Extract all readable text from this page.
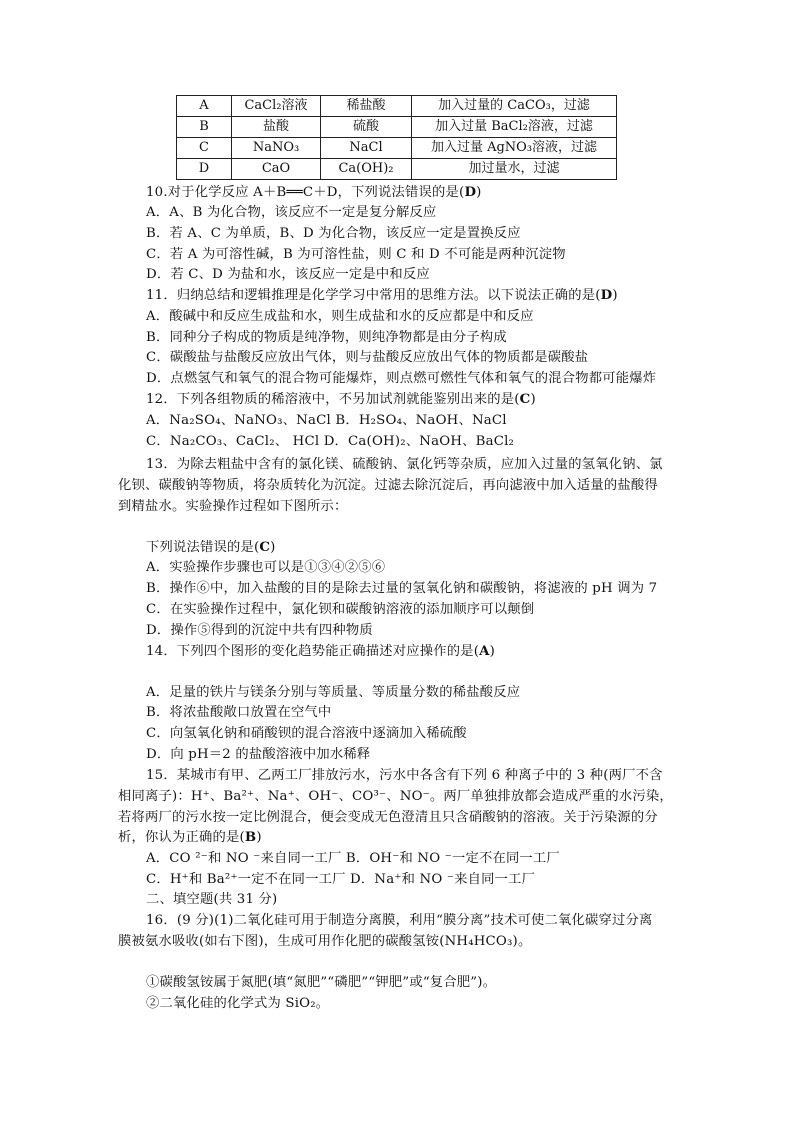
A	CaCl₂溶液	稀盐酸	加入过量的 CaCO₃，过滤
B	盐酸	硫酸	加入过量 BaCl₂溶液，过滤
C	NaNO₃	NaCl	加入过量 AgNO₃溶液，过滤
D	CaO	Ca(OH)₂	加过量水，过滤
10.对于化学反应 A＋B══C＋D，下列说法错误的是(D)
A．A、B 为化合物，该反应不一定是复分解反应
B．若 A、C 为单质，B、D 为化合物，该反应一定是置换反应
C．若 A 为可溶性碱，B 为可溶性盐，则 C 和 D 不可能是两种沉淀物
D．若 C、D 为盐和水，该反应一定是中和反应
11．归纳总结和逻辑推理是化学学习中常用的思维方法。以下说法正确的是(D)
A．酸碱中和反应生成盐和水，则生成盐和水的反应都是中和反应
B．同种分子构成的物质是纯净物，则纯净物都是由分子构成
C．碳酸盐与盐酸反应放出气体，则与盐酸反应放出气体的物质都是碳酸盐
D．点燃氢气和氧气的混合物可能爆炸，则点燃可燃性气体和氧气的混合物都可能爆炸
12．下列各组物质的稀溶液中，不另加试剂就能鉴别出来的是(C)
A．Na₂SO₄、NaNO₃、NaCl B．H₂SO₄、NaOH、NaCl
C．Na₂CO₃、CaCl₂、 HCl D．Ca(OH)₂、NaOH、BaCl₂
13．为除去粗盐中含有的氯化镁、硫酸钠、氯化钙等杂质，应加入过量的氢氧化钠、氯
化钡、碳酸钠等物质，将杂质转化为沉淀。过滤去除沉淀后，再向滤液中加入适量的盐酸得
到精盐水。实验操作过程如下图所示：
下列说法错误的是(C)
A．实验操作步骤也可以是①③④②⑤⑥
B．操作⑥中，加入盐酸的目的是除去过量的氢氧化钠和碳酸钠，将滤液的 pH 调为 7
C．在实验操作过程中，氯化钡和碳酸钠溶液的添加顺序可以颠倒
D．操作⑤得到的沉淀中共有四种物质
14．下列四个图形的变化趋势能正确描述对应操作的是(A)
A．足量的铁片与镁条分别与等质量、等质量分数的稀盐酸反应
B．将浓盐酸敞口放置在空气中
C．向氢氧化钠和硝酸钡的混合溶液中逐滴加入稀硫酸
D．向 pH＝2 的盐酸溶液中加水稀释
15．某城市有甲、乙两工厂排放污水，污水中各含有下列 6 种离子中的 3 种(两厂不含
相同离子)：H⁺、Ba²⁺、Na⁺、OH⁻、CO³⁻、NO⁻。两厂单独排放都会造成严重的水污染，
若将两厂的污水按一定比例混合，便会变成无色澄清且只含硝酸钠的溶液。关于污染源的分
析，你认为正确的是(B)
A．CO ²⁻和 NO ⁻来自同一工厂 B．OH⁻和 NO ⁻一定不在同一工厂
C．H⁺和 Ba²⁺一定不在同一工厂 D．Na⁺和 NO ⁻来自同一工厂
二、填空题(共 31 分)
16．(9 分)(1)二氧化硅可用于制造分离膜，利用“膜分离”技术可使二氧化碳穿过分离
膜被氨水吸收(如右下图)，生成可用作化肥的碳酸氢铵(NH₄HCO₃)。
①碳酸氢铵属于氮肥(填“氮肥”“磷肥”“钾肥”或“复合肥”)。
②二氧化硅的化学式为 SiO₂。
